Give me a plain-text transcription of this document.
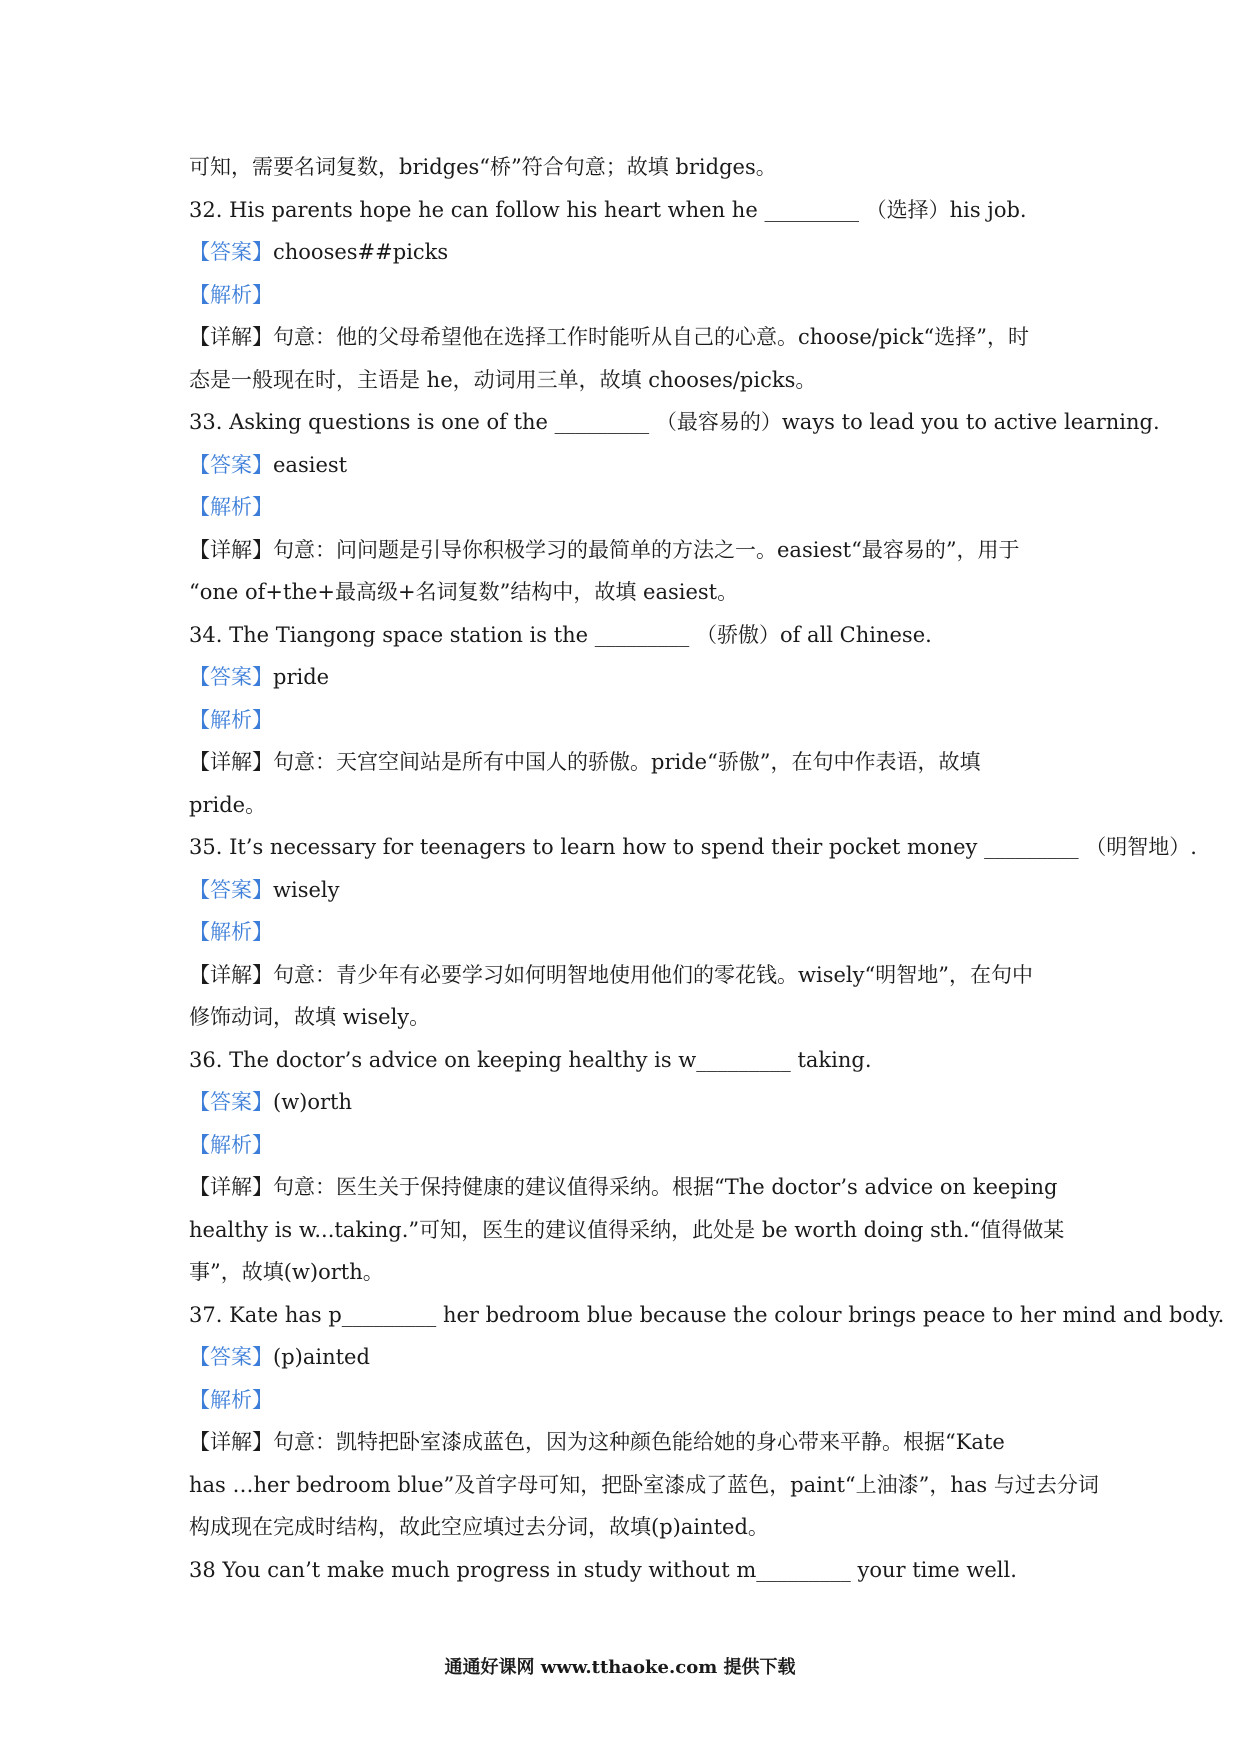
可知，需要名词复数，bridges“桥”符合句意；故填 bridges。

32. His parents hope he can follow his heart when he _________ （选择）his job.

【答案】chooses##picks

【解析】

【详解】句意：他的父母希望他在选择工作时能听从自己的心意。choose/pick“选择”，时

态是一般现在时，主语是 he，动词用三单，故填 chooses/picks。

33. Asking questions is one of the _________ （最容易的）ways to lead you to active learning.

【答案】easiest

【解析】

【详解】句意：问问题是引导你积极学习的最简单的方法之一。easiest“最容易的”，用于

“one of+the+最高级+名词复数”结构中，故填 easiest。

34. The Tiangong space station is the _________ （骄傲）of all Chinese.

【答案】pride

【解析】

【详解】句意：天宫空间站是所有中国人的骄傲。pride“骄傲”，在句中作表语，故填

pride。

35. It’s necessary for teenagers to learn how to spend their pocket money _________ （明智地）.

【答案】wisely

【解析】

【详解】句意：青少年有必要学习如何明智地使用他们的零花钱。wisely“明智地”，在句中

修饰动词，故填 wisely。

36. The doctor’s advice on keeping healthy is w_________ taking.

【答案】(w)orth

【解析】

【详解】句意：医生关于保持健康的建议值得采纳。根据“The doctor’s advice on keeping

healthy is w...taking.”可知，医生的建议值得采纳，此处是 be worth doing sth.“值得做某

事”，故填(w)orth。

37. Kate has p_________ her bedroom blue because the colour brings peace to her mind and body.

【答案】(p)ainted

【解析】

【详解】句意：凯特把卧室漆成蓝色，因为这种颜色能给她的身心带来平静。根据“Kate

has …her bedroom blue”及首字母可知，把卧室漆成了蓝色，paint“上油漆”，has 与过去分词

构成现在完成时结构，故此空应填过去分词，故填(p)ainted。

38 You can’t make much progress in study without m_________ your time well.

通通好课网 www.tthaoke.com 提供下载
